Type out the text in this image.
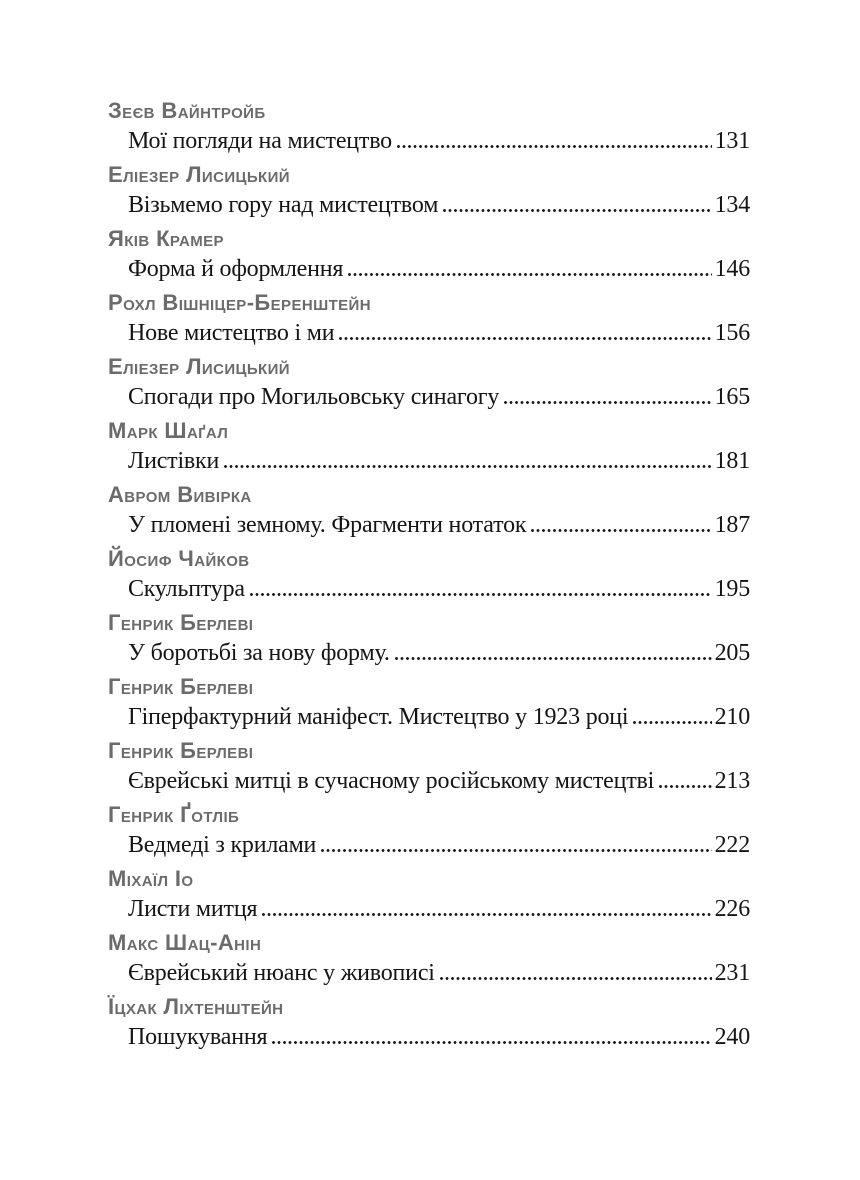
Зеєв Вайнтройб
Мої погляди на мистецтво	131
Еліезер Лисицький
Візьмемо гору над мистецтвом	134
Яків Крамер
Форма й оформлення	146
Рохл Вішніцер-Беренштейн
Нове мистецтво і ми	156
Еліезер Лисицький
Спогади про Могильовську синагогу	165
Марк Шаґал
Листівки	181
Авром Вивірка
У пломені земному. Фрагменти нотаток	187
Йосиф Чайков
Скульптура	195
Генрик Берлеві
У боротьбі за нову форму.	205
Генрик Берлеві
Гіперфактурний маніфест. Мистецтво у 1923 році	210
Генрик Берлеві
Єврейські митці в сучасному російському мистецтві	213
Генрик Ґотліб
Ведмеді з крилами	222
Міхаїл Іо
Листи митця	226
Макс Шац-Анін
Єврейський нюанс у живописі	231
Їцхак Ліхтенштейн
Пошукування	240
